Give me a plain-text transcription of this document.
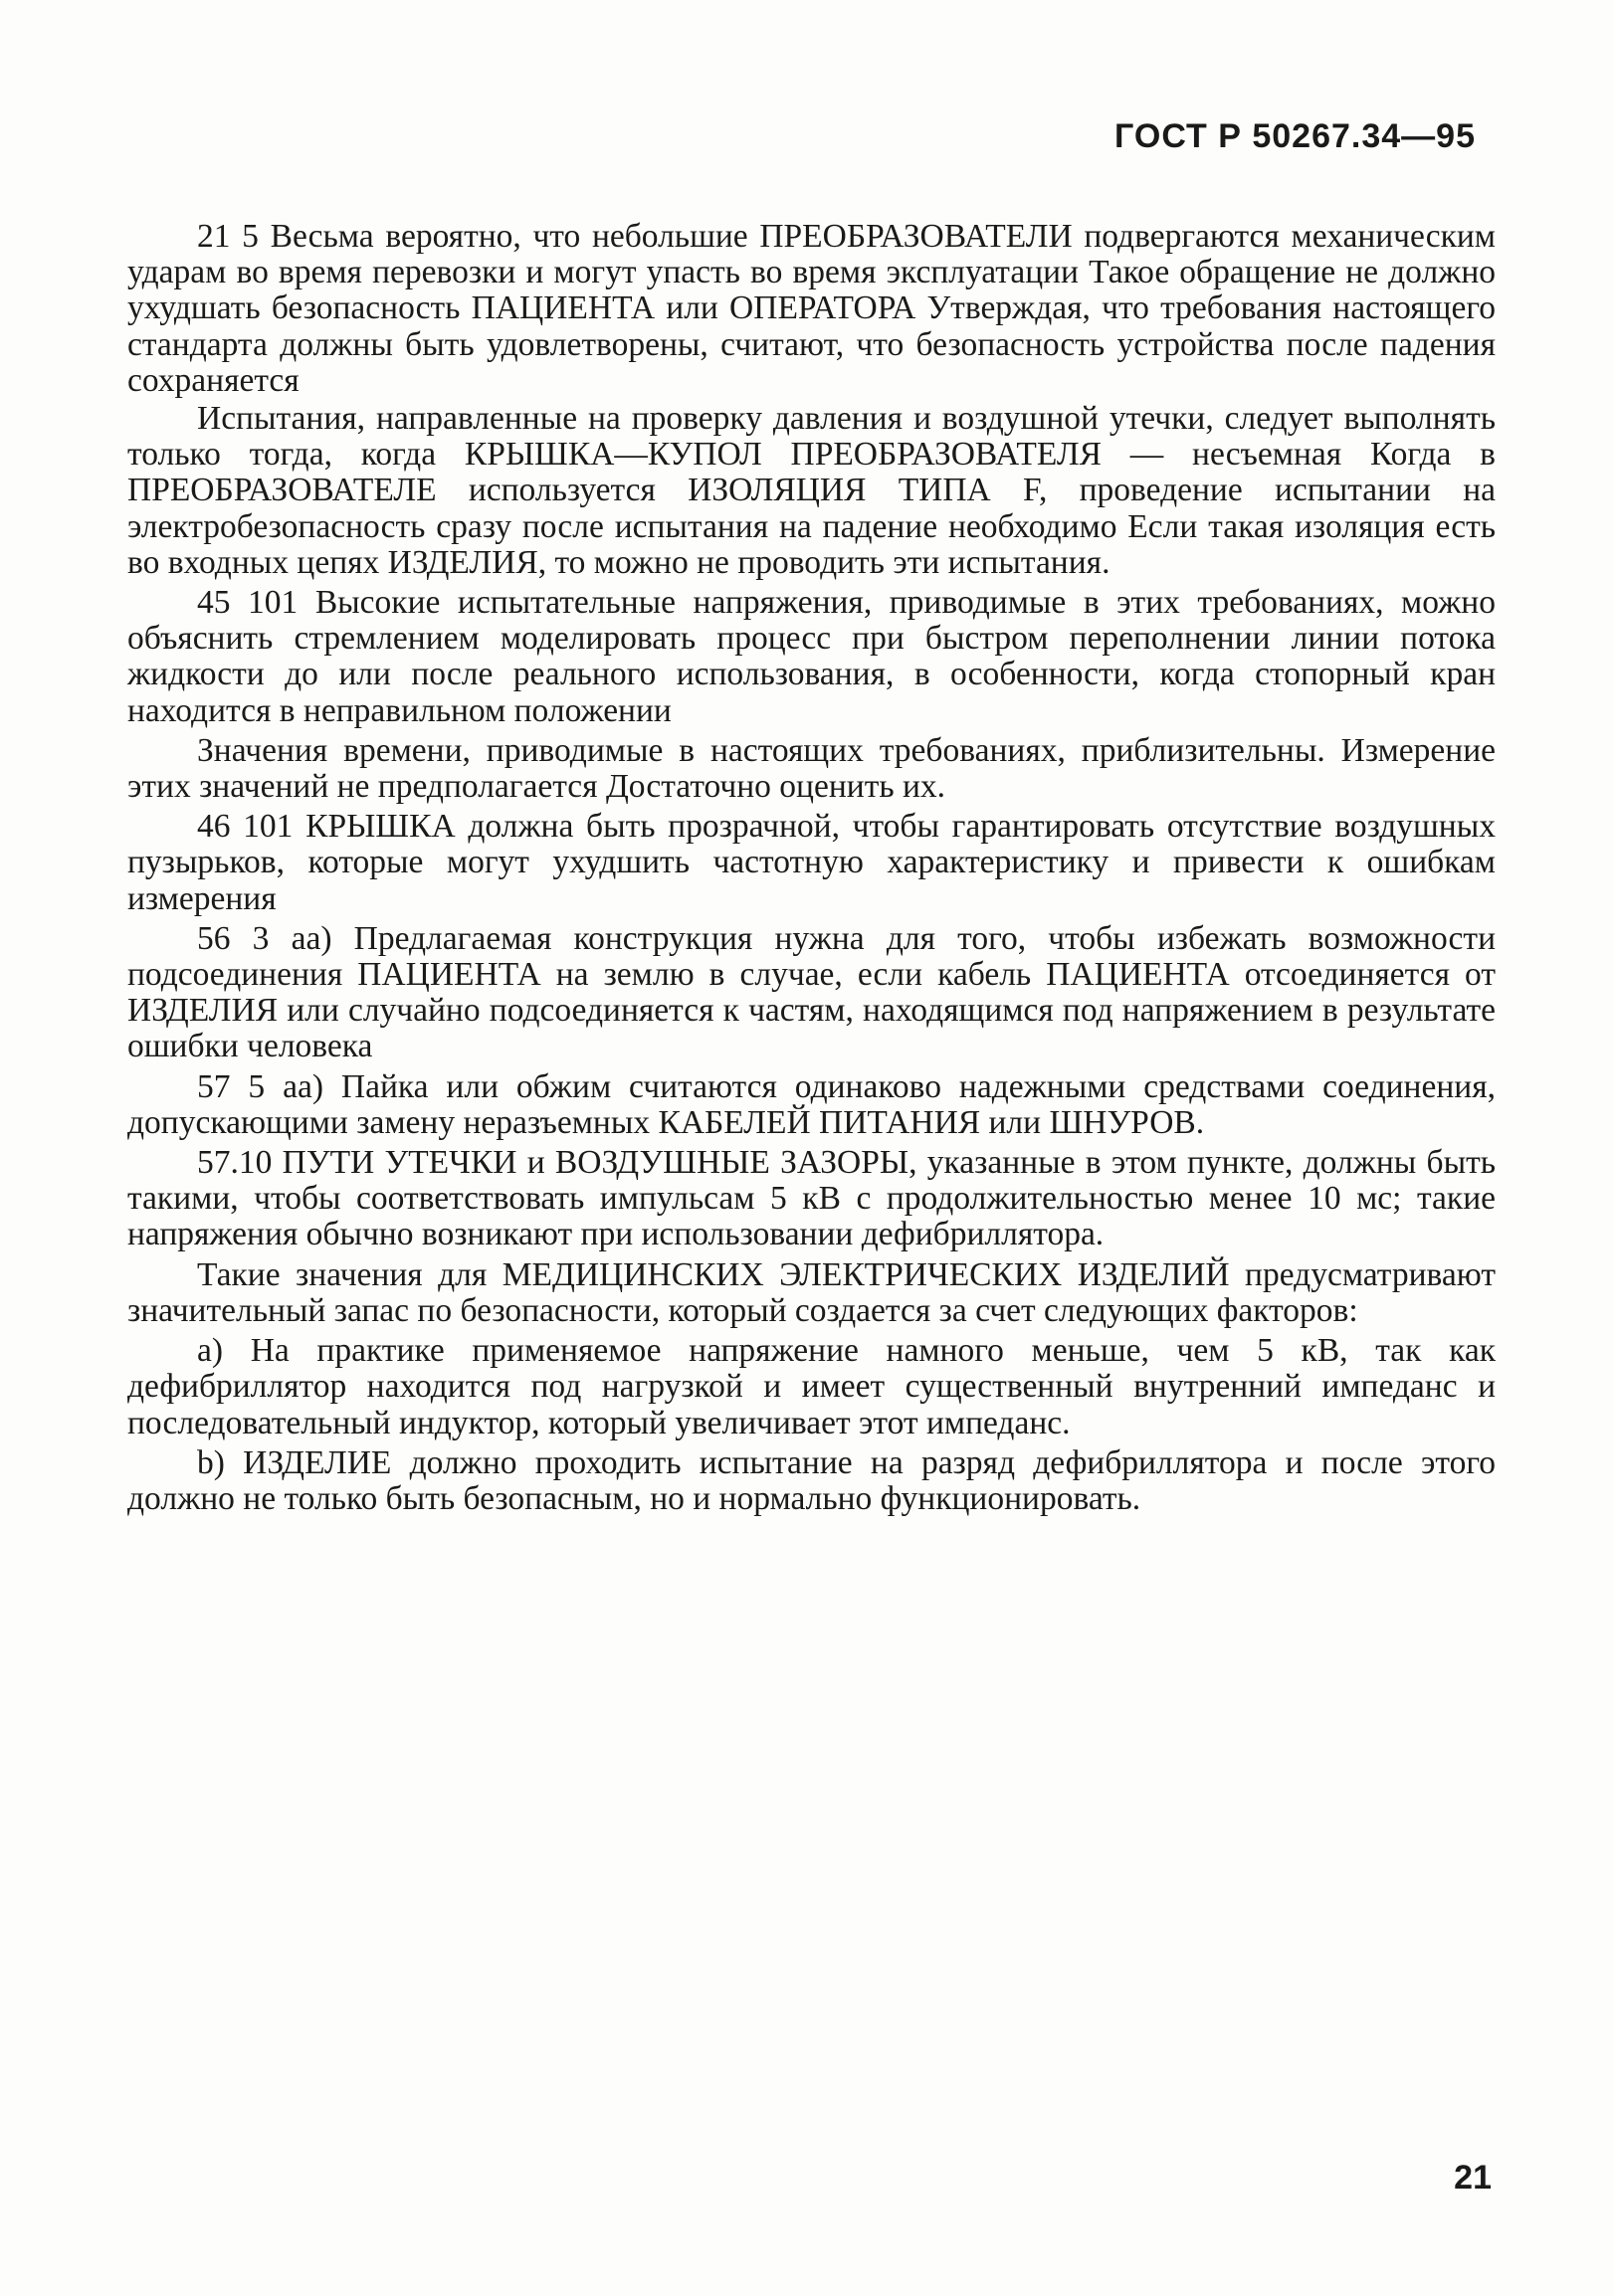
ГОСТ Р 50267.34—95

21 5 Весьма вероятно, что небольшие ПРЕОБРАЗОВАТЕЛИ подвергаются механическим ударам во время перевозки и могут упасть во время эксплуатации Такое обращение не должно ухудшать безопасность ПАЦИЕНТА или ОПЕРАТОРА Утверждая, что требования настоящего стандарта должны быть удовлетворены, считают, что безопасность устройства после падения сохраняется

Испытания, направленные на проверку давления и воздушной утечки, следует выполнять только тогда, когда КРЫШКА—КУПОЛ ПРЕОБРАЗОВАТЕЛЯ — несъемная Когда в ПРЕОБРАЗОВАТЕЛЕ используется ИЗОЛЯЦИЯ ТИПА F, проведение испытании на электробезопасность сразу после испытания на падение необходимо Если такая изоляция есть во входных цепях ИЗДЕЛИЯ, то можно не проводить эти испытания.

45 101 Высокие испытательные напряжения, приводимые в этих требованиях, можно объяснить стремлением моделировать процесс при быстром переполнении линии потока жидкости до или после реального использования, в особенности, когда стопорный кран находится в неправильном положении

Значения времени, приводимые в настоящих требованиях, приблизительны. Измерение этих значений не предполагается Достаточно оценить их.

46 101 КРЫШКА должна быть прозрачной, чтобы гарантировать отсутствие воздушных пузырьков, которые могут ухудшить частотную характеристику и привести к ошибкам измерения

56 3 аа) Предлагаемая конструкция нужна для того, чтобы избежать возможности подсоединения ПАЦИЕНТА на землю в случае, если кабель ПАЦИЕНТА отсоединяется от ИЗДЕЛИЯ или случайно подсоединяется к частям, находящимся под напряжением в результате ошибки человека

57 5 аа) Пайка или обжим считаются одинаково надежными средствами соединения, допускающими замену неразъемных КАБЕЛЕЙ ПИТАНИЯ или ШНУРОВ.

57.10 ПУТИ УТЕЧКИ и ВОЗДУШНЫЕ ЗАЗОРЫ, указанные в этом пункте, должны быть такими, чтобы соответствовать импульсам 5 кВ с продолжительностью менее 10 мс; такие напряжения обычно возникают при использовании дефибриллятора.

Такие значения для МЕДИЦИНСКИХ ЭЛЕКТРИЧЕСКИХ ИЗДЕЛИЙ предусматривают значительный запас по безопасности, который создается за счет следующих факторов:

а) На практике применяемое напряжение намного меньше, чем 5 кВ, так как дефибриллятор находится под нагрузкой и имеет существенный внутренний импеданс и последовательный индуктор, который увеличивает этот импеданс.

b) ИЗДЕЛИЕ должно проходить испытание на разряд дефибриллятора и после этого должно не только быть безопасным, но и нормально функционировать.

21
